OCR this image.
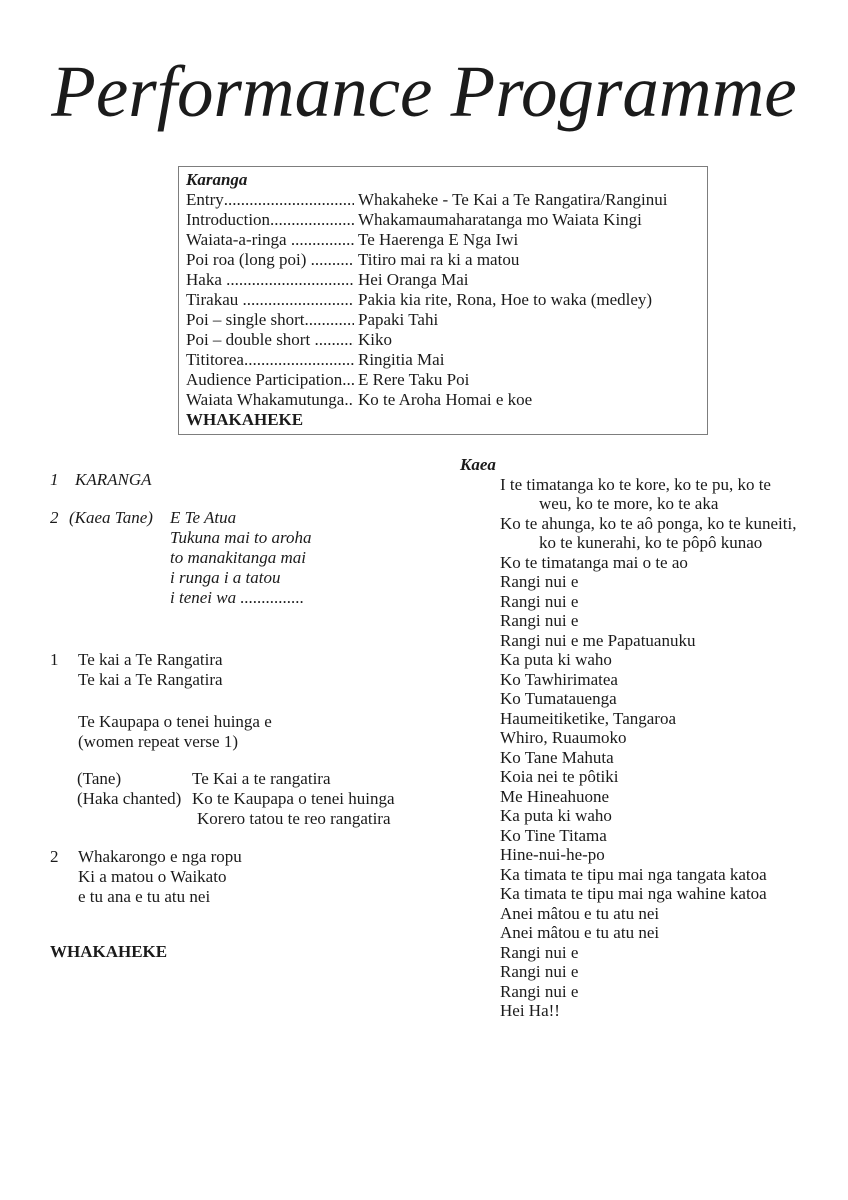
Performance Programme
Karanga
Entry .....	Whakaheke - Te Kai a Te Rangatira/Ranginui
Introduction .....	Whakamaumaharatanga mo Waiata Kingi
Waiata-a-ringa .....	Te Haerenga E Nga Iwi
Poi roa (long poi) .....	Titiro mai ra ki a matou
Haka .....	Hei Oranga Mai
Tirakau .....	Pakia kia rite, Rona, Hoe to waka (medley)
Poi – single short .....	Papaki Tahi
Poi – double short .....	Kiko
Tititorea .....	Ringitia Mai
Audience Participation ..... E Rere Taku Poi
Waiata Whakamutunga ..... Ko te Aroha Homai e koe
WHAKAHEKE
1 KARANGA
2 (Kaea Tane)	E Te Atua
Tukuna mai to aroha
to manakitanga mai
i runga i a tatou
i tenei wa ...............
1	Te kai a Te Rangatira
Te kai a Te Rangatira
Te Kaupapa o tenei huinga e
(women repeat verse 1)
(Tane)	Te Kai a te rangatira
(Haka chanted) Ko te Kaupapa o tenei huinga
Korero tatou te reo rangatira
2	Whakarongo e nga ropu
Ki a matou o Waikato
e tu ana e tu atu nei
WHAKAHEKE
Kaea
I te timatanga ko te kore, ko te pu, ko te
weu, ko te more, ko te aka
Ko te ahunga, ko te aô ponga, ko te kuneiti,
ko te kunerahi, ko te pôpô kunao
Ko te timatanga mai o te ao
Rangi nui e
Rangi nui e
Rangi nui e
Rangi nui e me Papatuanuku
Ka puta ki waho
Ko Tawhirimatea
Ko Tumatauenga
Haumeitiketike, Tangaroa
Whiro, Ruaumoko
Ko Tane Mahuta
Koia nei te pôtiki
Me Hineahuone
Ka puta ki waho
Ko Tine Titama
Hine-nui-he-po
Ka timata te tipu mai nga tangata katoa
Ka timata te tipu mai nga wahine katoa
Anei mâtou e tu atu nei
Anei mâtou e tu atu nei
Rangi nui e
Rangi nui e
Rangi nui e
Hei Ha!!
